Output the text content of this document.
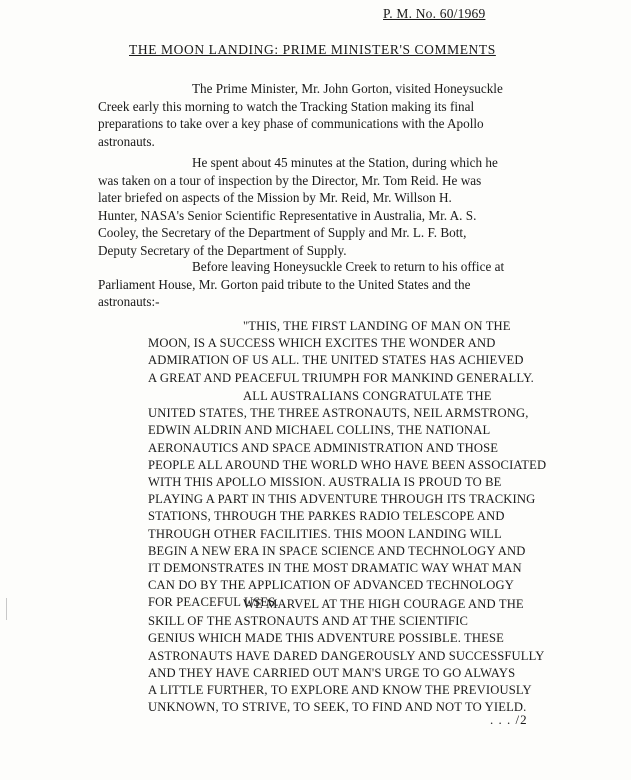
P. M. No. 60/1969
THE MOON LANDING: PRIME MINISTER'S COMMENTS

The Prime Minister, Mr. John Gorton, visited Honeysuckle
Creek early this morning to watch the Tracking Station making its final
preparations to take over a key phase of communications with the Apollo
astronauts.

He spent about 45 minutes at the Station, during which he
was taken on a tour of inspection by the Director, Mr. Tom Reid. He was
later briefed on aspects of the Mission by Mr. Reid, Mr. Willson H.
Hunter, NASA's Senior Scientific Representative in Australia, Mr. A. S.
Cooley, the Secretary of the Department of Supply and Mr. L. F. Bott,
Deputy Secretary of the Department of Supply.

Before leaving Honeysuckle Creek to return to his office at
Parliament House, Mr. Gorton paid tribute to the United States and the
astronauts:-

"THIS, THE FIRST LANDING OF MAN ON THE
MOON, IS A SUCCESS WHICH EXCITES THE WONDER AND
ADMIRATION OF US ALL. THE UNITED STATES HAS ACHIEVED
A GREAT AND PEACEFUL TRIUMPH FOR MANKIND GENERALLY.

ALL AUSTRALIANS CONGRATULATE THE
UNITED STATES, THE THREE ASTRONAUTS, NEIL ARMSTRONG,
EDWIN ALDRIN AND MICHAEL COLLINS, THE NATIONAL
AERONAUTICS AND SPACE ADMINISTRATION AND THOSE
PEOPLE ALL AROUND THE WORLD WHO HAVE BEEN ASSOCIATED
WITH THIS APOLLO MISSION. AUSTRALIA IS PROUD TO BE
PLAYING A PART IN THIS ADVENTURE THROUGH ITS TRACKING
STATIONS, THROUGH THE PARKES RADIO TELESCOPE AND
THROUGH OTHER FACILITIES. THIS MOON LANDING WILL
BEGIN A NEW ERA IN SPACE SCIENCE AND TECHNOLOGY AND
IT DEMONSTRATES IN THE MOST DRAMATIC WAY WHAT MAN
CAN DO BY THE APPLICATION OF ADVANCED TECHNOLOGY
FOR PEACEFUL USES.

WE MARVEL AT THE HIGH COURAGE AND THE
SKILL OF THE ASTRONAUTS AND AT THE SCIENTIFIC
GENIUS WHICH MADE THIS ADVENTURE POSSIBLE. THESE
ASTRONAUTS HAVE DARED DANGEROUSLY AND SUCCESSFULLY
AND THEY HAVE CARRIED OUT MAN'S URGE TO GO ALWAYS
A LITTLE FURTHER, TO EXPLORE AND KNOW THE PREVIOUSLY
UNKNOWN, TO STRIVE, TO SEEK, TO FIND AND NOT TO YIELD.

. . . /2
